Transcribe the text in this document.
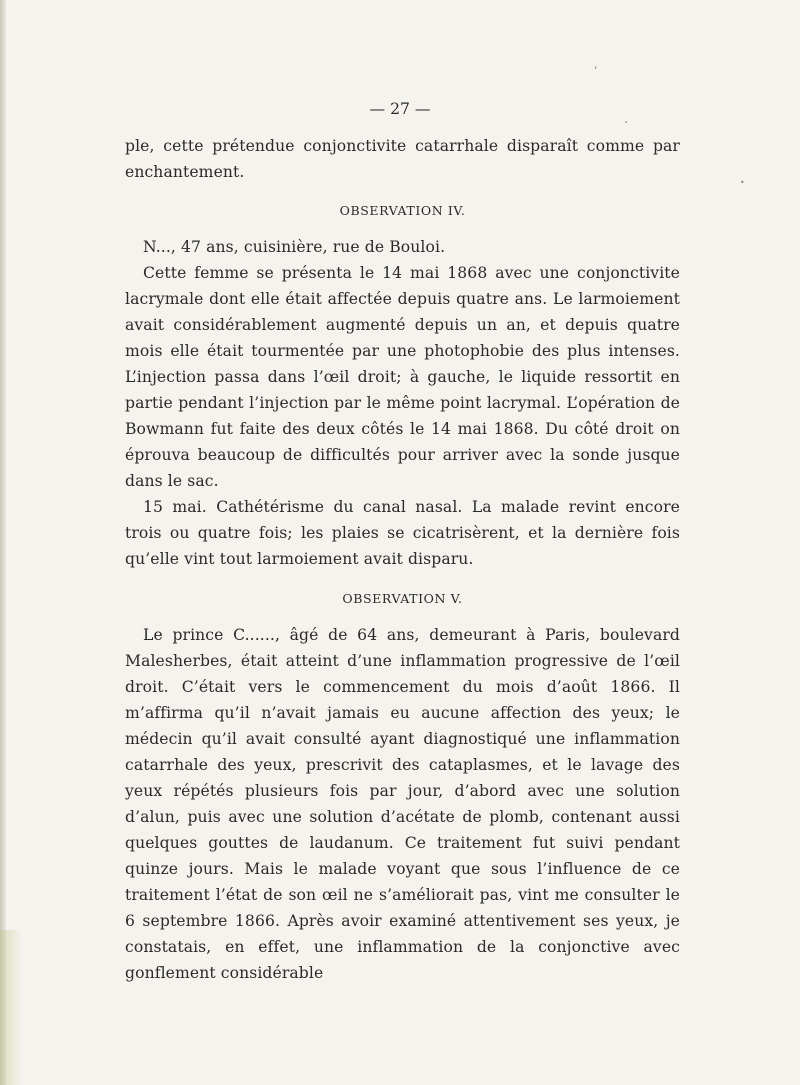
,
•
.
— 27 —

ple, cette prétendue conjonctivite catarrhale disparaît comme par enchantement.

OBSERVATION IV.

N..., 47 ans, cuisinière, rue de Bouloi.

Cette femme se présenta le 14 mai 1868 avec une conjonctivite lacrymale dont elle était affectée depuis quatre ans. Le larmoiement avait considérablement augmenté depuis un an, et depuis quatre mois elle était tourmentée par une photophobie des plus intenses. L’injection passa dans l’œil droit; à gauche, le liquide ressortit en partie pendant l’injection par le même point lacrymal. L’opération de Bowmann fut faite des deux côtés le 14 mai 1868. Du côté droit on éprouva beaucoup de difficultés pour arriver avec la sonde jusque dans le sac.

15 mai. Cathétérisme du canal nasal. La malade revint encore trois ou quatre fois; les plaies se cicatrisèrent, et la dernière fois qu’elle vint tout larmoiement avait disparu.

OBSERVATION V.

Le prince C......, âgé de 64 ans, demeurant à Paris, boulevard Malesherbes, était atteint d’une inflammation progressive de l’œil droit. C’était vers le commencement du mois d’août 1866. Il m’affirma qu’il n’avait jamais eu aucune affection des yeux; le médecin qu’il avait consulté ayant diagnostiqué une inflammation catarrhale des yeux, prescrivit des cataplasmes, et le lavage des yeux répétés plusieurs fois par jour, d’abord avec une solution d’alun, puis avec une solution d’acétate de plomb, contenant aussi quelques gouttes de laudanum. Ce traitement fut suivi pendant quinze jours. Mais le malade voyant que sous l’influence de ce traitement l’état de son œil ne s’améliorait pas, vint me consulter le 6 septembre 1866. Après avoir examiné attentivement ses yeux, je constatais, en effet, une inflammation de la conjonctive avec gonflement considérable
